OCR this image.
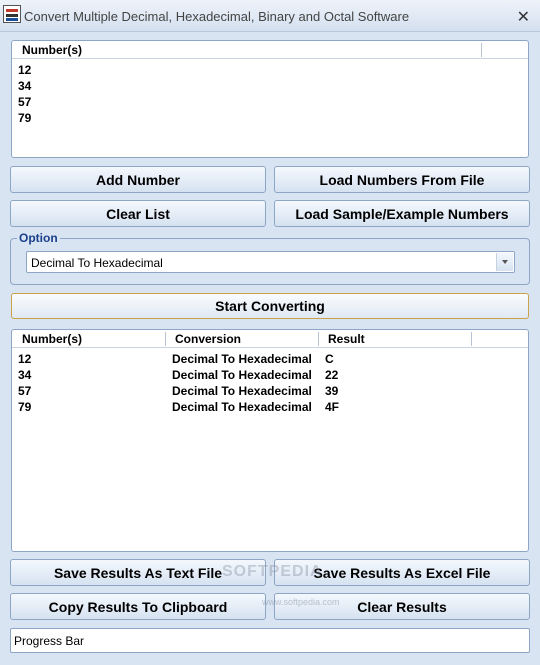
Convert Multiple Decimal, Hexadecimal, Binary and Octal Software	✕
Number(s)
12
34
57
79
Add Number	Load Numbers From File
Clear List	Load Sample/Example Numbers
Option
Decimal To Hexadecimal
Start Converting
Number(s)	Conversion	Result
12	Decimal To Hexadecimal C
34	Decimal To Hexadecimal 22
57	Decimal To Hexadecimal 39
79	Decimal To Hexadecimal 4F
Save Results As Text File	Save Results As Excel File
Copy Results To Clipboard	Clear Results
SOFTPEDIA
www.softpedia.com
Progress Bar
